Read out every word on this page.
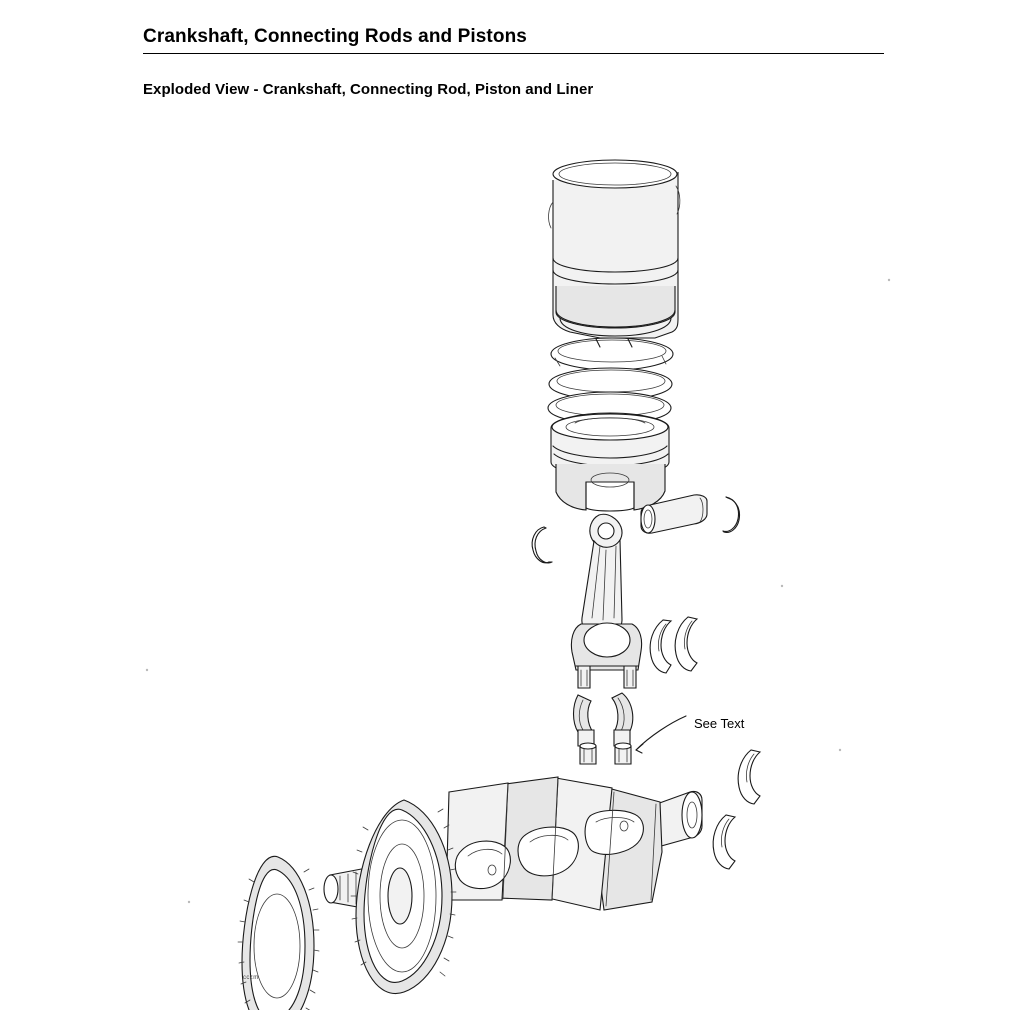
Crankshaft, Connecting Rods and Pistons
Exploded View - Crankshaft, Connecting Rod, Piston and Liner
See Text
cczm
